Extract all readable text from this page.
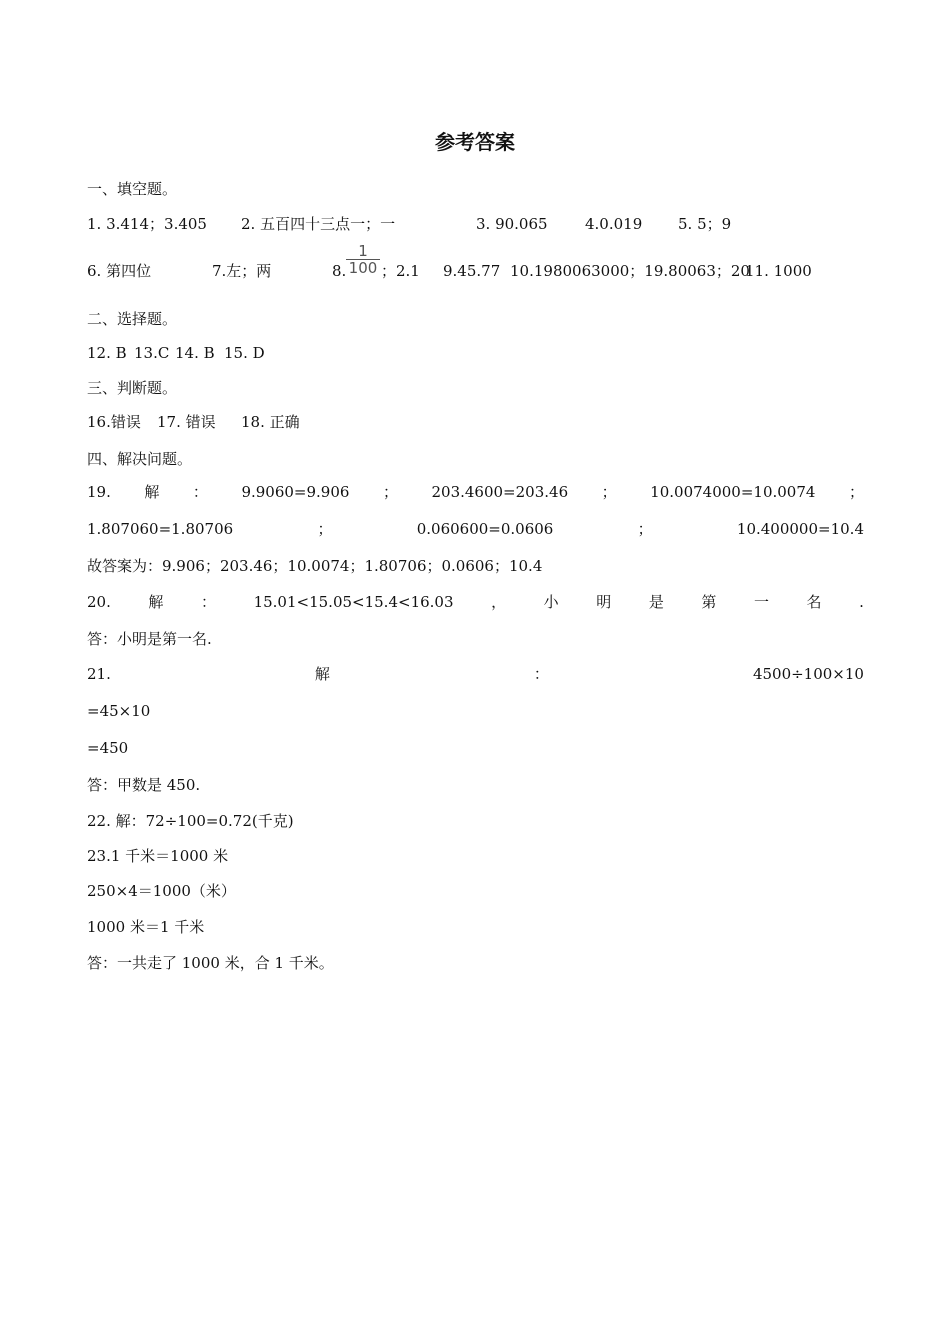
参考答案
一、填空题。
1. 3.414；3.405 2. 五百四十三点一；一	3. 90.065 4.0.019 5. 5；9
6. 第四位	7.左；两	8. $\frac{1}{100}$ ；2.1 9.45.77 10.1980063000；19.80063；20
11. 1000
二、选择题。
12. B 13.C 14. B 15. D
三、判断题。
16.错误 17. 错误 18. 正确
四、解决问题。
19. 解 ： 9.9060=9.906 ； 203.4600=203.46 ； 10.0074000=10.0074 ；
1.807060=1.80706	；	0.060600=0.0606	；	10.400000=10.4
故答案为：9.906；203.46；10.0074；1.80706；0.0606；10.4
20.	解	：	15.01<15.05<15.4<16.03	，	小	明	是	第	一	名	.
答：小明是第一名.
21.	解	：	4500÷100×10
=45×10
=450
答：甲数是 450.
22. 解：72÷100=0.72(千克)
23.1 千米＝1000 米
250×4＝1000（米）
1000 米＝1 千米
答：一共走了 1000 米，合 1 千米。
